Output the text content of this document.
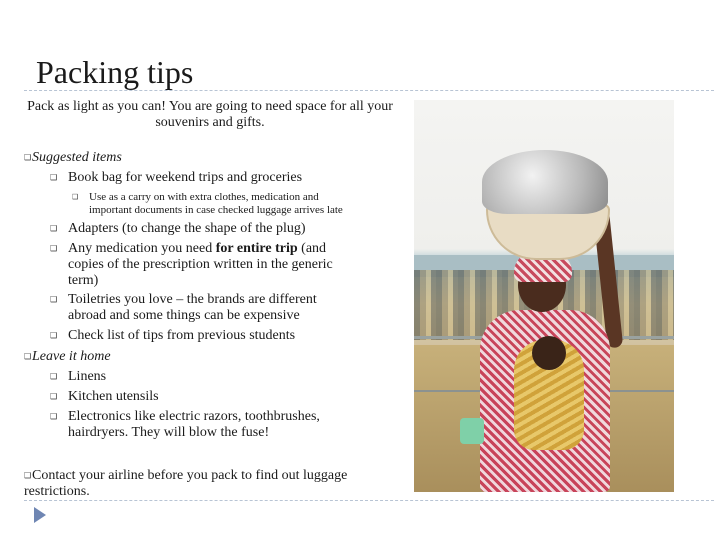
Packing tips
Pack as light as you can! You are going to need space for all your souvenirs and gifts.
❑
Suggested items
❑
Book bag for weekend trips and groceries
❑
Use as a carry on with extra clothes, medication and
important documents in case checked luggage arrives late
❑
Adapters (to change the shape of the plug)
❑
Any medication you need for entire trip (and
copies of the prescription written in the generic
term)
❑
Toiletries you love – the brands are different
abroad and some things can be expensive
❑
Check list of tips from previous students
❑
Leave it home
❑
Linens
❑
Kitchen utensils
❑
Electronics like electric razors, toothbrushes,
hairdryers. They will blow the fuse!
❑
Contact your airline before you pack to find out luggage
restrictions.
